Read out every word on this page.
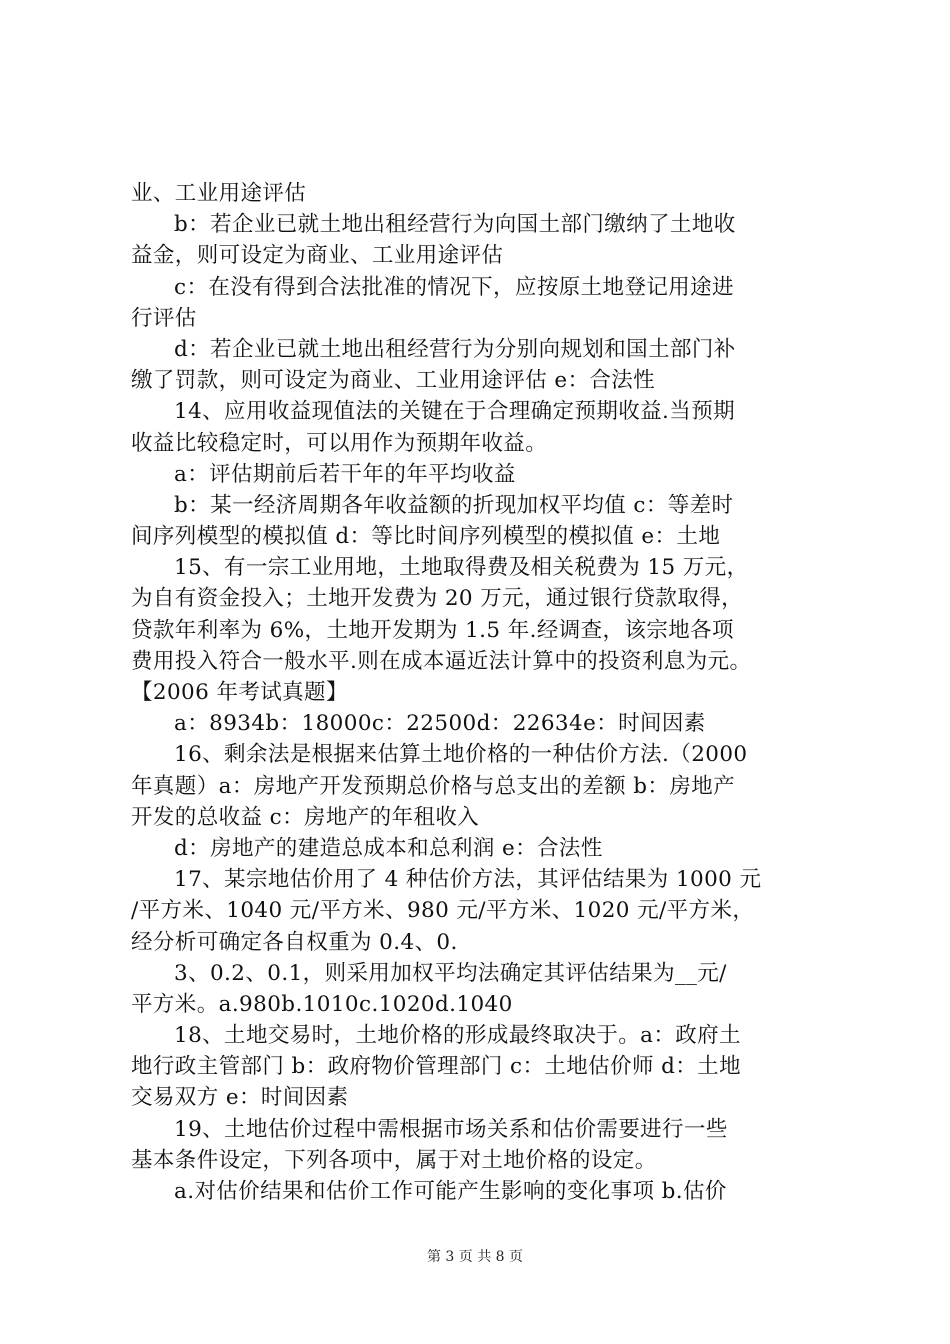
业、工业用途评估
b：若企业已就土地出租经营行为向国土部门缴纳了土地收
益金，则可设定为商业、工业用途评估
c：在没有得到合法批准的情况下，应按原土地登记用途进
行评估
d：若企业已就土地出租经营行为分别向规划和国土部门补
缴了罚款，则可设定为商业、工业用途评估 e：合法性
14、应用收益现值法的关键在于合理确定预期收益.当预期
收益比较稳定时，可以用作为预期年收益。
a：评估期前后若干年的年平均收益
b：某一经济周期各年收益额的折现加权平均值 c：等差时
间序列模型的模拟值 d：等比时间序列模型的模拟值 e：土地
15、有一宗工业用地，土地取得费及相关税费为 15 万元，
为自有资金投入；土地开发费为 20 万元，通过银行贷款取得，
贷款年利率为 6%，土地开发期为 1.5 年.经调查，该宗地各项
费用投入符合一般水平.则在成本逼近法计算中的投资利息为元。
【2006 年考试真题】
a：8934b：18000c：22500d：22634e：时间因素
16、剩余法是根据来估算土地价格的一种估价方法.（2000
年真题）a：房地产开发预期总价格与总支出的差额 b：房地产
开发的总收益 c：房地产的年租收入
d：房地产的建造总成本和总利润 e：合法性
17、某宗地估价用了 4 种估价方法，其评估结果为 1000 元
/平方米、1040 元/平方米、980 元/平方米、1020 元/平方米，
经分析可确定各自权重为 0.4、0.
3、0.2、0.1，则采用加权平均法确定其评估结果为__元/
平方米。a.980b.1010c.1020d.1040
18、土地交易时，土地价格的形成最终取决于。a：政府土
地行政主管部门 b：政府物价管理部门 c：土地估价师 d：土地
交易双方 e：时间因素
19、土地估价过程中需根据市场关系和估价需要进行一些
基本条件设定，下列各项中，属于对土地价格的设定。
a.对估价结果和估价工作可能产生影响的变化事项 b.估价
第 3 页 共 8 页
